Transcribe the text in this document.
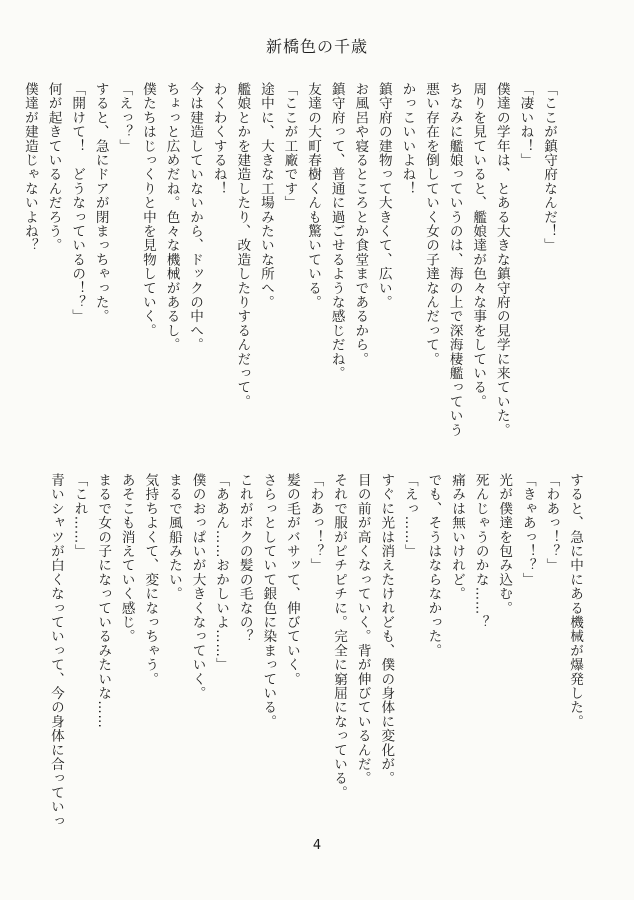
新橋色の千歳
「ここが鎮守府なんだ！」
「凄いね！」
僕達の学年は、とある大きな鎮守府の見学に来ていた。
周りを見ていると、艦娘達が色々な事をしている。
ちなみに艦娘っていうのは、海の上で深海棲艦っていう
悪い存在を倒していく女の子達なんだって。
かっこいいよね！
鎮守府の建物って大きくて、広い。
お風呂や寝るところとか食堂まであるから。
鎮守府って、普通に過ごせるような感じだね。
友達の大町春樹くんも驚いている。
「ここが工廠です」
途中に、大きな工場みたいな所へ。
艦娘とかを建造したり、改造したりするんだって。
わくわくするね！
今は建造していないから、ドックの中へ。
ちょっと広めだね。色々な機械があるし。
僕たちはじっくりと中を見物していく。
「えっ？」
すると、急にドアが閉まっちゃった。
「開けて！　どうなっているの！？」
何が起きているんだろう。
僕達が建造じゃないよね？
すると、急に中にある機械が爆発した。
「わあっ！？」
「きゃあっ！？」
光が僕達を包み込む。
死んじゃうのかな……？
痛みは無いけれど。
でも、そうはならなかった。
「えっ……」
すぐに光は消えたけれども、僕の身体に変化が。
目の前が高くなっていく。背が伸びているんだ。
それで服がピチピチに。完全に窮屈になっている。
「わあっ！？」
髪の毛がバサッて、伸びていく。
さらっとしていて銀色に染まっている。
これがボクの髪の毛なの？
「ああん……おかしいよ……」
僕のおっぱいが大きくなっていく。
まるで風船みたい。
気持ちよくて、変になっちゃう。
あそこも消えていく感じ。
まるで女の子になっているみたいな……
「これ……」
青いシャツが白くなっていって、今の身体に合っていっ
4
